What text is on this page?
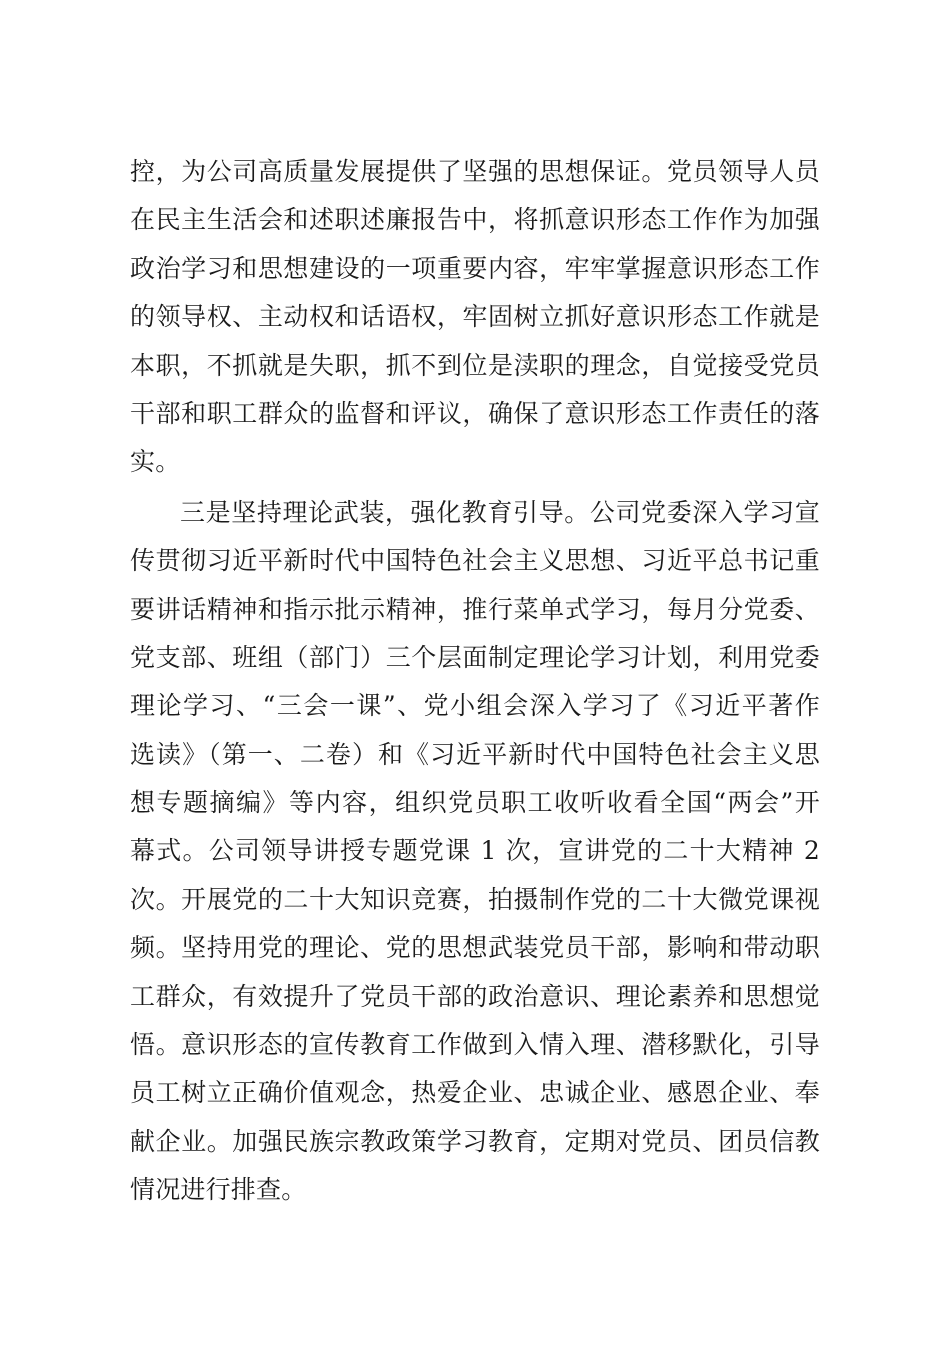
控，为公司高质量发展提供了坚强的思想保证。党员领导人员
在民主生活会和述职述廉报告中，将抓意识形态工作作为加强
政治学习和思想建设的一项重要内容，牢牢掌握意识形态工作
的领导权、主动权和话语权，牢固树立抓好意识形态工作就是
本职，不抓就是失职，抓不到位是渎职的理念，自觉接受党员
干部和职工群众的监督和评议，确保了意识形态工作责任的落
实。
三是坚持理论武装，强化教育引导。公司党委深入学习宣
传贯彻习近平新时代中国特色社会主义思想、习近平总书记重
要讲话精神和指示批示精神，推行菜单式学习，每月分党委、
党支部、班组（部门）三个层面制定理论学习计划，利用党委
理论学习、“三会一课”、党小组会深入学习了《习近平著作
选读》（第一、二卷）和《习近平新时代中国特色社会主义思
想专题摘编》等内容，组织党员职工收听收看全国“两会”开
幕式。公司领导讲授专题党课 1 次，宣讲党的二十大精神 2
次。开展党的二十大知识竞赛，拍摄制作党的二十大微党课视
频。坚持用党的理论、党的思想武装党员干部，影响和带动职
工群众，有效提升了党员干部的政治意识、理论素养和思想觉
悟。意识形态的宣传教育工作做到入情入理、潜移默化，引导
员工树立正确价值观念，热爱企业、忠诚企业、感恩企业、奉
献企业。加强民族宗教政策学习教育，定期对党员、团员信教
情况进行排查。
